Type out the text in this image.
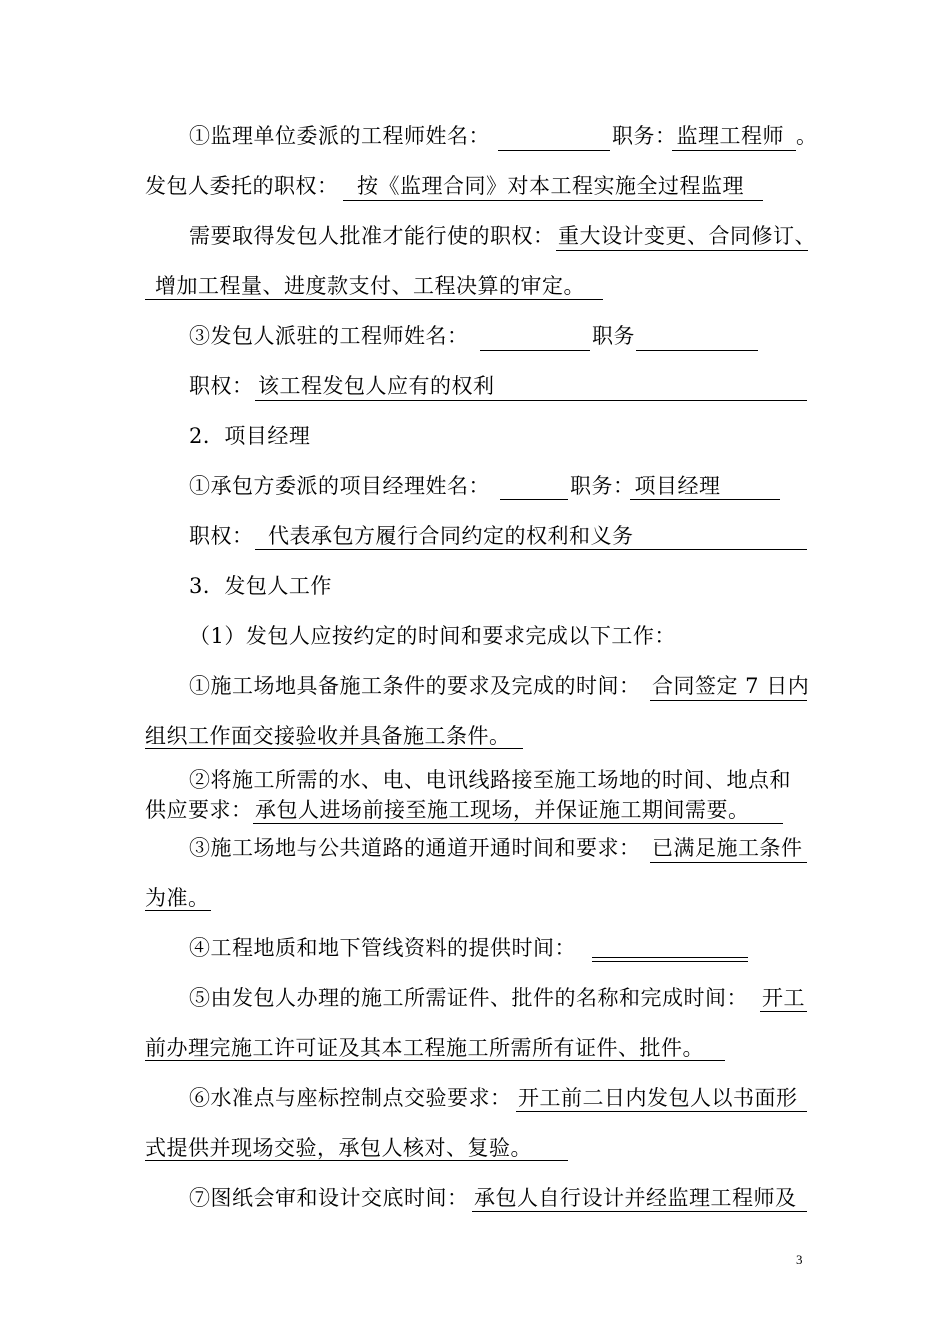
①监理单位委派的工程师姓名：	职务：监理工程师 。
发包人委托的职权： 按《监理合同》对本工程实施全过程监理
需要取得发包人批准才能行使的职权： 重大设计变更、合同修订、
增加工程量、进度款支付、工程决算的审定。
③发包人派驻的工程师姓名：	职务
职权： 该工程发包人应有的权利
2．项目经理
①承包方委派的项目经理姓名：	职务：项目经理
职权： 代表承包方履行合同约定的权利和义务
3．发包人工作
（1）发包人应按约定的时间和要求完成以下工作：
①施工场地具备施工条件的要求及完成的时间： 合同签定 7 日内
组织工作面交接验收并具备施工条件。
②将施工所需的水、电、电讯线路接至施工场地的时间、地点和
供应要求： 承包人进场前接至施工现场，并保证施工期间需要。
③施工场地与公共道路的通道开通时间和要求： 已满足施工条件
为准。
④工程地质和地下管线资料的提供时间：
⑤由发包人办理的施工所需证件、批件的名称和完成时间： 开工
前办理完施工许可证及其本工程施工所需所有证件、批件。
⑥水准点与座标控制点交验要求： 开工前二日内发包人以书面形
式提供并现场交验，承包人核对、复验。
⑦图纸会审和设计交底时间： 承包人自行设计并经监理工程师及
3
